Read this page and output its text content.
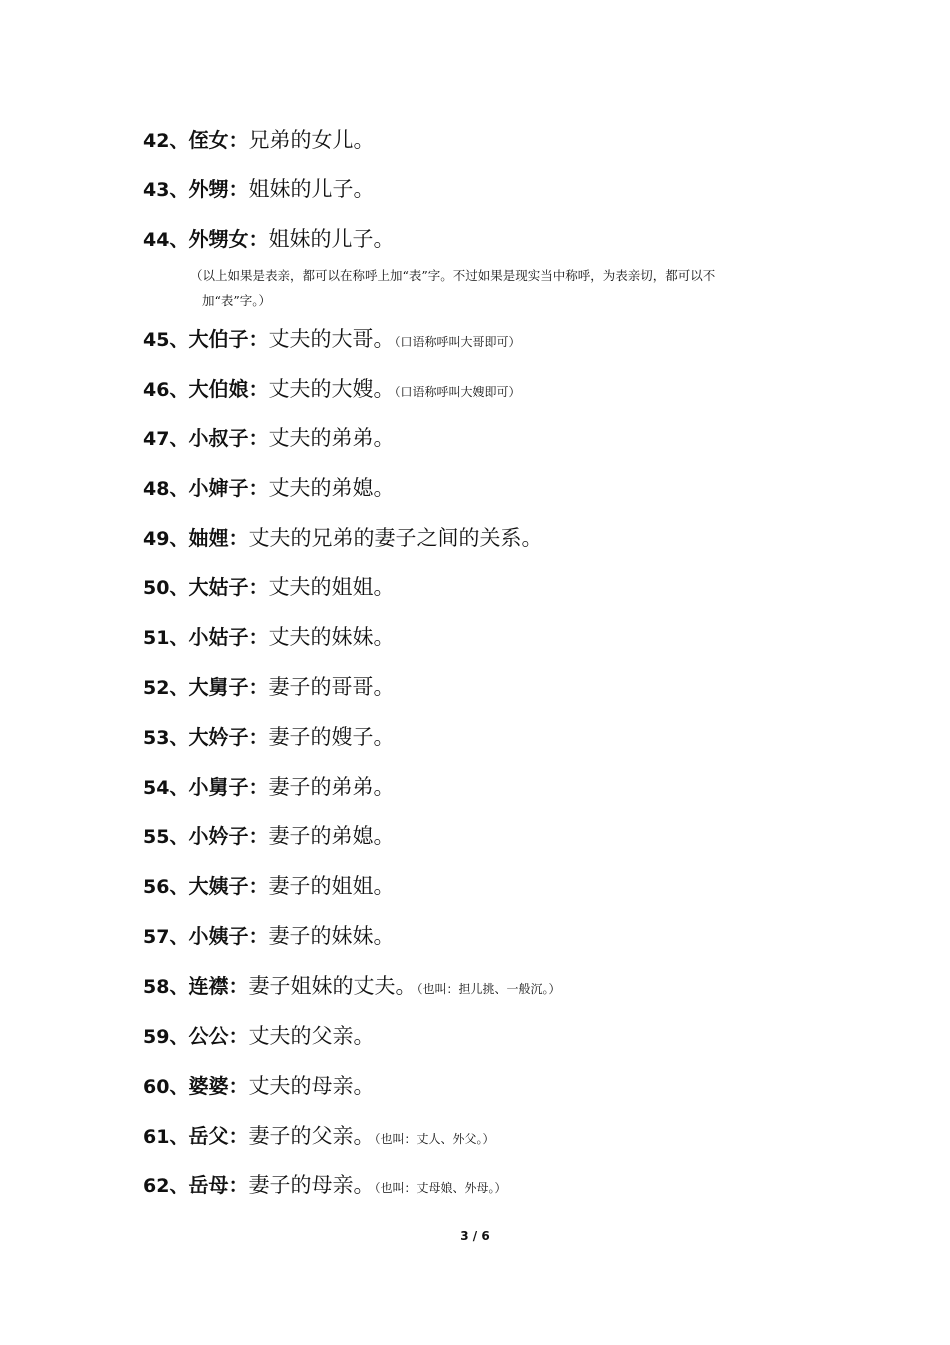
42、侄女：兄弟的女儿。
43、外甥：姐妹的儿子。
44、外甥女：姐妹的儿子。
（以上如果是表亲，都可以在称呼上加“表”字。不过如果是现实当中称呼，为表亲切，都可以不
加“表”字。）
45、大伯子：丈夫的大哥。（口语称呼叫大哥即可）
46、大伯娘：丈夫的大嫂。（口语称呼叫大嫂即可）
47、小叔子：丈夫的弟弟。
48、小婶子：丈夫的弟媳。
49、妯娌：丈夫的兄弟的妻子之间的关系。
50、大姑子：丈夫的姐姐。
51、小姑子：丈夫的妹妹。
52、大舅子：妻子的哥哥。
53、大妗子：妻子的嫂子。
54、小舅子：妻子的弟弟。
55、小妗子：妻子的弟媳。
56、大姨子：妻子的姐姐。
57、小姨子：妻子的妹妹。
58、连襟：妻子姐妹的丈夫。（也叫：担儿挑、一般沉。）
59、公公：丈夫的父亲。
60、婆婆：丈夫的母亲。
61、岳父：妻子的父亲。（也叫：丈人、外父。）
62、岳母：妻子的母亲。（也叫：丈母娘、外母。）
3 / 6
